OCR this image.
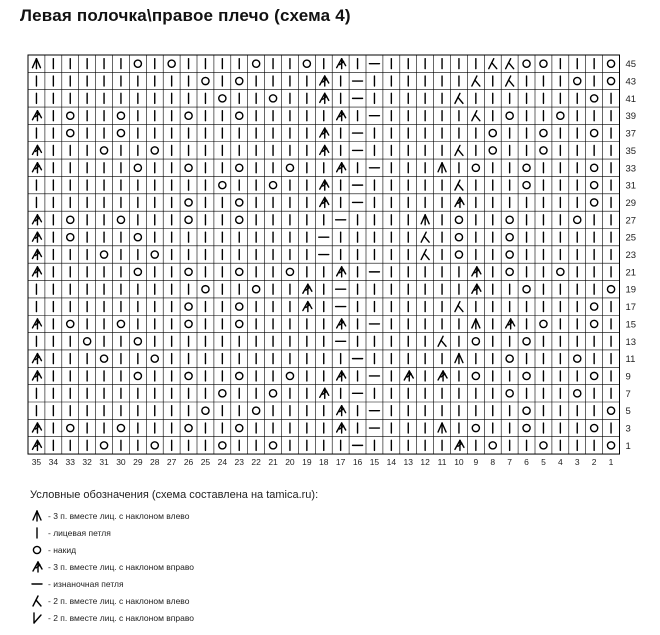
Левая полочка\правое плечо (схема 4)
45
43
41
39
37
35
33
31
29
27
25
23
21
19
17
15
13
11
9
7
5
3
1
35 34 33 32 31 30 29 28 27 26 25 24 23 22 21 20 19 18 17 16 15 14 13 12 11 10 9 8 7 6 5 4 3 2 1
Условные обозначения (схема составлена на tamica.ru):
- 3 п. вместе лиц. с наклоном влево
- лицевая петля
- накид
- 3 п. вместе лиц. с наклоном вправо
- изнаночная петля
- 2 п. вместе лиц. с наклоном влево
- 2 п. вместе лиц. с наклоном вправо
